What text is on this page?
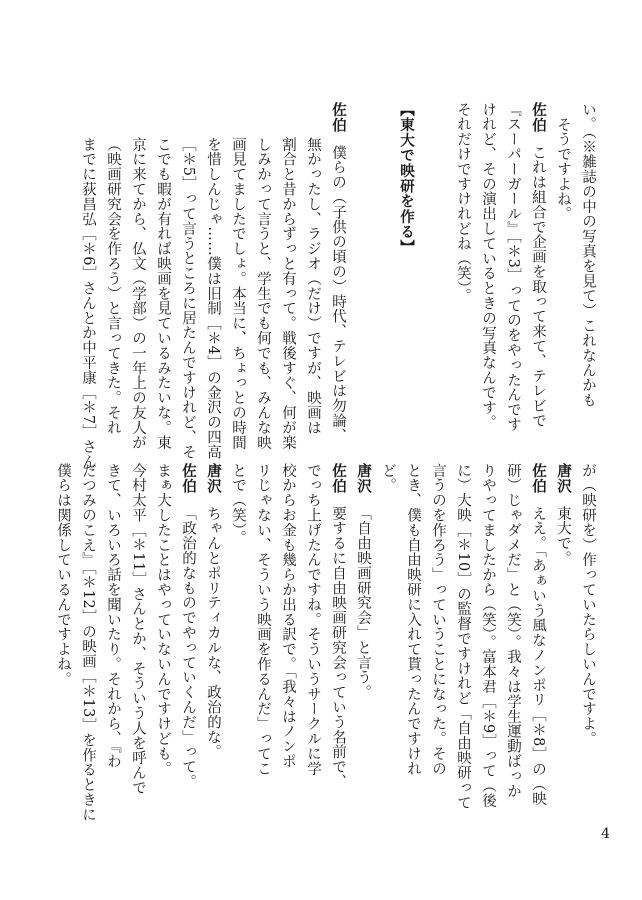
い。（※雑誌の中の写真を見て）これなんかも
そうですよね。
佐伯これは組合で企画を取って来て、テレビで
『スーパーガール』［＊3］ってのをやったんです
けれど、その演出しているときの写真なんです。
それだけですけれどね（笑）。
【東大で映研を作る】
佐伯僕らの（子供の頃の）時代、テレビは勿論、
無かったし、ラジオ（だけ）ですが、映画は
割合と昔からずっと有って。戦後すぐ、何が楽
しみかって言うと、学生でも何でも、みんな映
画見てましたでしょ。本当に、ちょっとの時間
を惜しんじゃ……僕は旧制［＊4］の金沢の四高
［＊5］って言うところに居たんですけれど、そ
こでも暇が有れば映画を見ているみたいな。東
京に来てから、仏文（学部）の一年上の友人が
（映画研究会を作ろう）と言ってきた。それ
までに荻昌弘［＊6］さんとか中平康［＊7］さん
が（映研を）作っていたらしいんですよ。
唐沢東大で。
佐伯ええ。「あぁいう風なノンポリ［＊8］の（映
研）じゃダメだ」と（笑）。我々は学生運動ばっか
りやってましたから（笑）。富本君［＊9］って（後
に）大映［＊10］の監督ですけれど「自由映研って
言うのを作ろう」っていうことになった。その
とき、僕も自由映研に入れて貰ったんですけれ
ど。
唐沢「自由映画研究会」と言う。
佐伯要するに自由映画研究会っていう名前で、
でっち上げたんですね。そういうサークルに学
校からお金も幾らか出る訳で。「我々はノンポ
リじゃない、そういう映画を作るんだ」ってこ
とで（笑）。
唐沢ちゃんとポリティカルな、政治的な。
佐伯「政治的なものでやっていくんだ」って。
まぁ大したことはやっていないんですけども。
今村太平［＊11］さんとか、そういう人を呼んで
きて、いろいろ話を聞いたり。それから、『わ
だつみのこえ』［＊12］の映画［＊13］を作るときに
僕らは関係しているんですよね。
4
